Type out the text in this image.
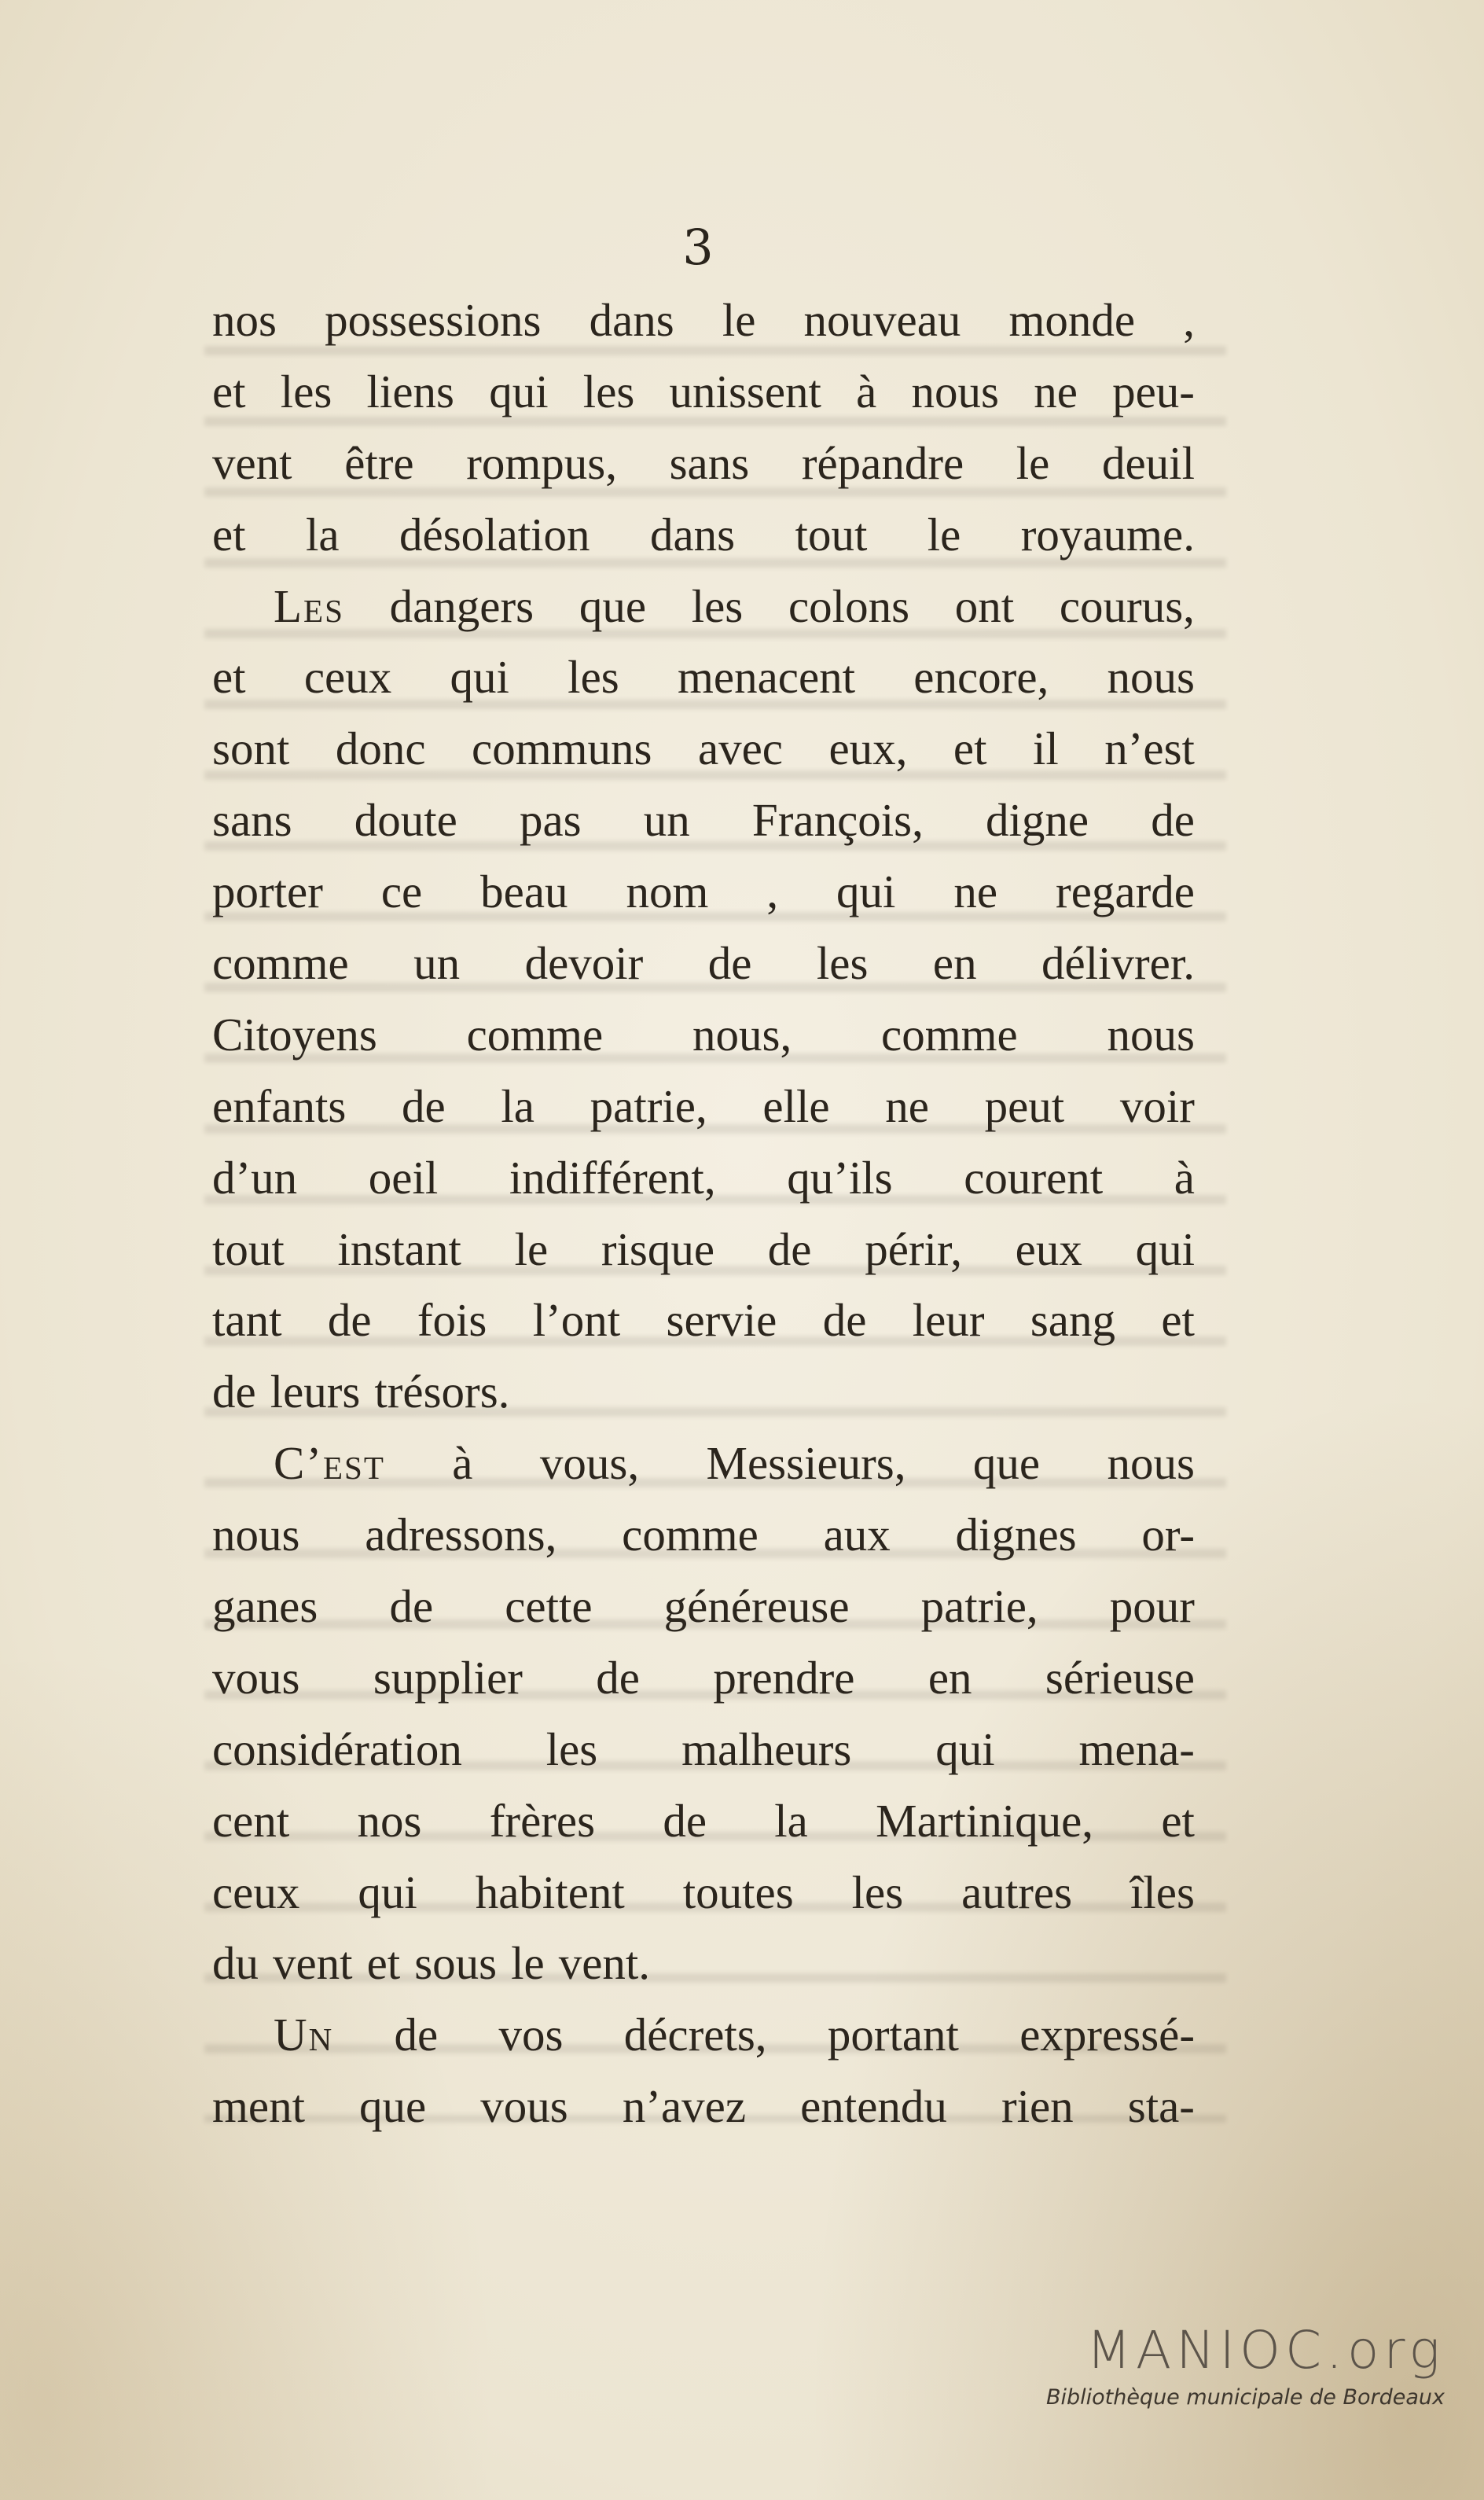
3
nos possessions dans le nouveau monde ,
et les liens qui les unissent à nous ne peu-
vent être rompus, sans répandre le deuil
et la désolation dans tout le royaume.
Les dangers que les colons ont courus,
et ceux qui les menacent encore, nous
sont donc communs avec eux, et il n’est
sans doute pas un François, digne de
porter ce beau nom , qui ne regarde
comme un devoir de les en délivrer.
Citoyens comme nous, comme nous
enfants de la patrie, elle ne peut voir
d’un oeil indifférent, qu’ils courent à
tout instant le risque de périr, eux qui
tant de fois l’ont servie de leur sang et
de leurs trésors.
C’est à vous, Messieurs, que nous
nous adressons, comme aux dignes or-
ganes de cette généreuse patrie, pour
vous supplier de prendre en sérieuse
considération les malheurs qui mena-
cent nos frères de la Martinique, et
ceux qui habitent toutes les autres îles
du vent et sous le vent.
Un de vos décrets, portant expressé-
ment que vous n’avez entendu rien sta-
MANIOC.org
Bibliothèque municipale de Bordeaux
